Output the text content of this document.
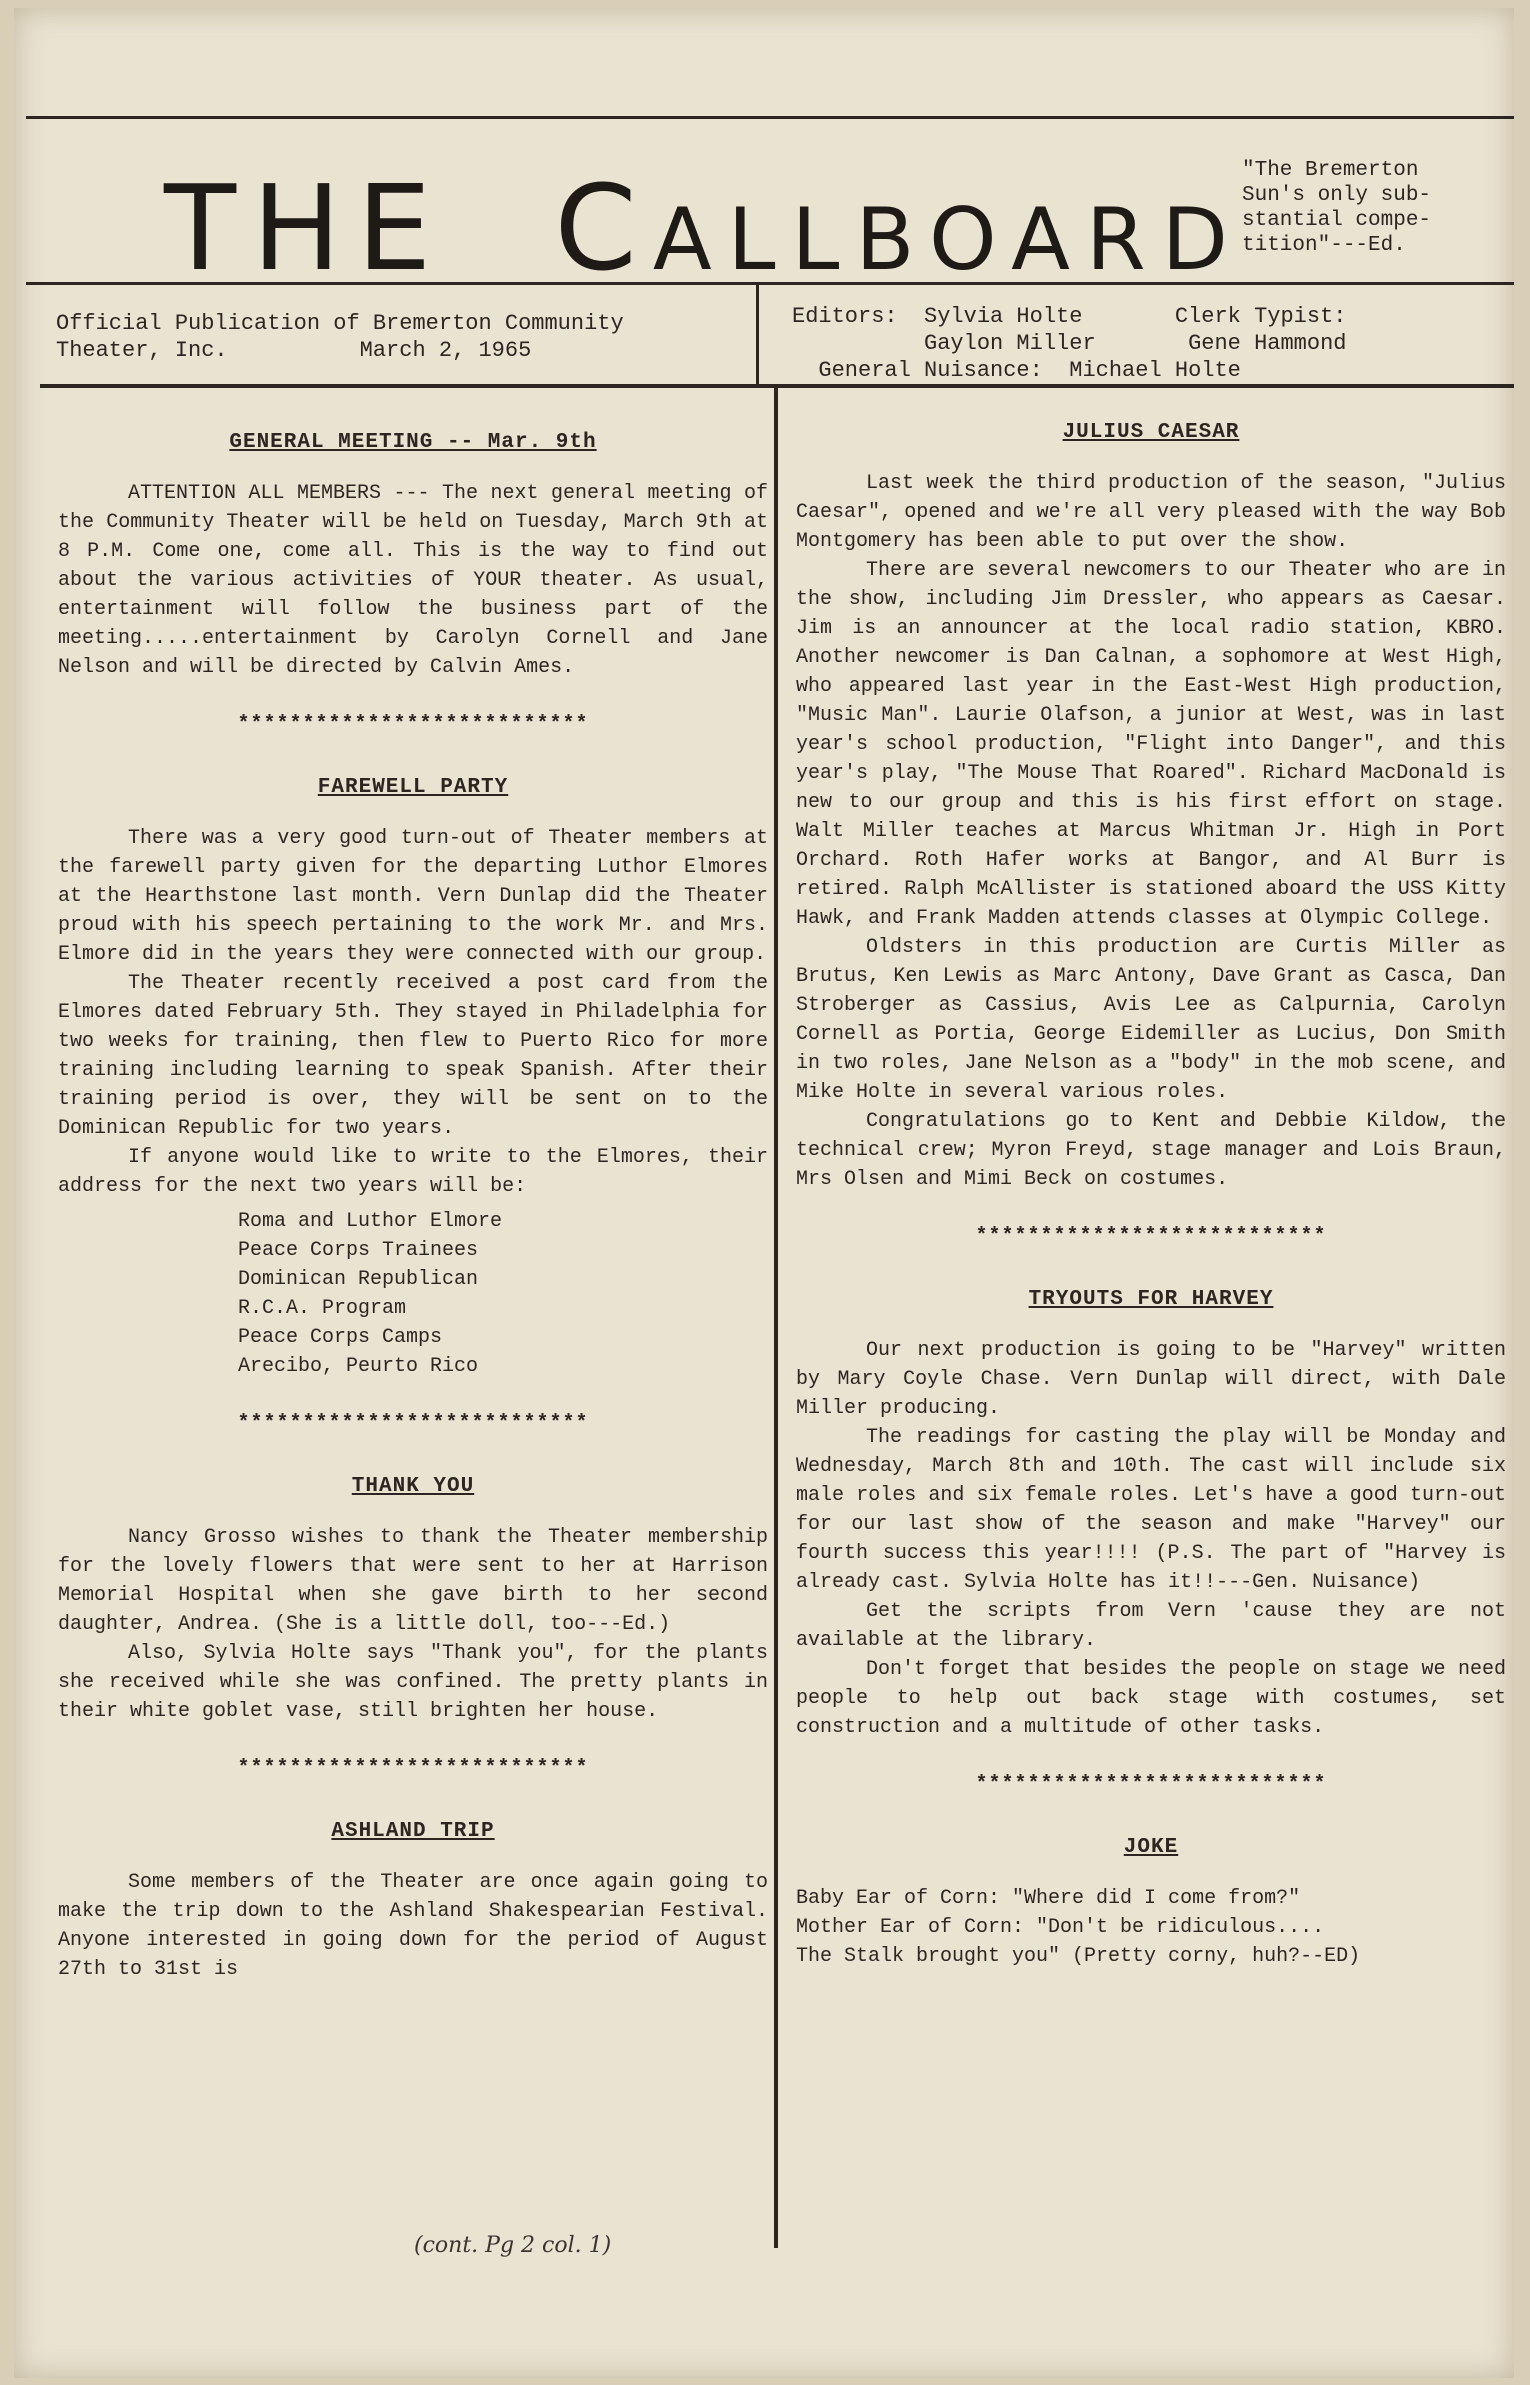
THE CALLBOARD
"The Bremerton
Sun's only sub-
stantial compe-
tition"---Ed.
Official Publication of Bremerton Community
Theater, Inc.          March 2, 1965
Editors:  Sylvia Holte       Clerk Typist:
Gaylon Miller       Gene Hammond
General Nuisance:  Michael Holte
GENERAL MEETING -- Mar. 9th

ATTENTION ALL MEMBERS --- The next general meeting of the Community Theater will be held on Tuesday, March 9th at 8 P.M. Come one, come all. This is the way to find out about the various activities of YOUR theater. As usual, entertainment will follow the business part of the meeting.....entertainment by Carolyn Cornell and Jane Nelson and will be directed by Calvin Ames.

***************************
FAREWELL PARTY

There was a very good turn-out of Theater members at the farewell party given for the departing Luthor Elmores at the Hearthstone last month. Vern Dunlap did the Theater proud with his speech pertaining to the work Mr. and Mrs. Elmore did in the years they were connected with our group.

The Theater recently received a post card from the Elmores dated February 5th. They stayed in Philadelphia for two weeks for training, then flew to Puerto Rico for more training including learning to speak Spanish. After their training period is over, they will be sent on to the Dominican Republic for two years.

If anyone would like to write to the Elmores, their address for the next two years will be:

Roma and Luthor Elmore
Peace Corps Trainees
Dominican Republican
R.C.A. Program
Peace Corps Camps
Arecibo, Peurto Rico
***************************
THANK YOU

Nancy Grosso wishes to thank the Theater membership for the lovely flowers that were sent to her at Harrison Memorial Hospital when she gave birth to her second daughter, Andrea. (She is a little doll, too---Ed.)

Also, Sylvia Holte says "Thank you", for the plants she received while she was confined. The pretty plants in their white goblet vase, still brighten her house.

***************************
ASHLAND TRIP

Some members of the Theater are once again going to make the trip down to the Ashland Shakespearian Festival. Anyone interested in going down for the period of August 27th to 31st is

(cont. Pg 2 col. 1)
JULIUS CAESAR

Last week the third production of the season, "Julius Caesar", opened and we're all very pleased with the way Bob Montgomery has been able to put over the show.

There are several newcomers to our Theater who are in the show, including Jim Dressler, who appears as Caesar. Jim is an announcer at the local radio station, KBRO. Another newcomer is Dan Calnan, a sophomore at West High, who appeared last year in the East-West High production, "Music Man". Laurie Olafson, a junior at West, was in last year's school production, "Flight into Danger", and this year's play, "The Mouse That Roared". Richard MacDonald is new to our group and this is his first effort on stage. Walt Miller teaches at Marcus Whitman Jr. High in Port Orchard. Roth Hafer works at Bangor, and Al Burr is retired. Ralph McAllister is stationed aboard the USS Kitty Hawk, and Frank Madden attends classes at Olympic College.

Oldsters in this production are Curtis Miller as Brutus, Ken Lewis as Marc Antony, Dave Grant as Casca, Dan Stroberger as Cassius, Avis Lee as Calpurnia, Carolyn Cornell as Portia, George Eidemiller as Lucius, Don Smith in two roles, Jane Nelson as a "body" in the mob scene, and Mike Holte in several various roles.

Congratulations go to Kent and Debbie Kildow, the technical crew; Myron Freyd, stage manager and Lois Braun, Mrs Olsen and Mimi Beck on costumes.

***************************
TRYOUTS FOR HARVEY

Our next production is going to be "Harvey" written by Mary Coyle Chase. Vern Dunlap will direct, with Dale Miller producing.

The readings for casting the play will be Monday and Wednesday, March 8th and 10th. The cast will include six male roles and six female roles. Let's have a good turn-out for our last show of the season and make "Harvey" our fourth success this year!!!! (P.S. The part of "Harvey is already cast. Sylvia Holte has it!!---Gen. Nuisance)

Get the scripts from Vern 'cause they are not available at the library.

Don't forget that besides the people on stage we need people to help out back stage with costumes, set construction and a multitude of other tasks.

***************************
JOKE

Baby Ear of Corn: "Where did I come from?"

Mother Ear of Corn: "Don't be ridiculous....

The Stalk brought you" (Pretty corny, huh?--ED)
